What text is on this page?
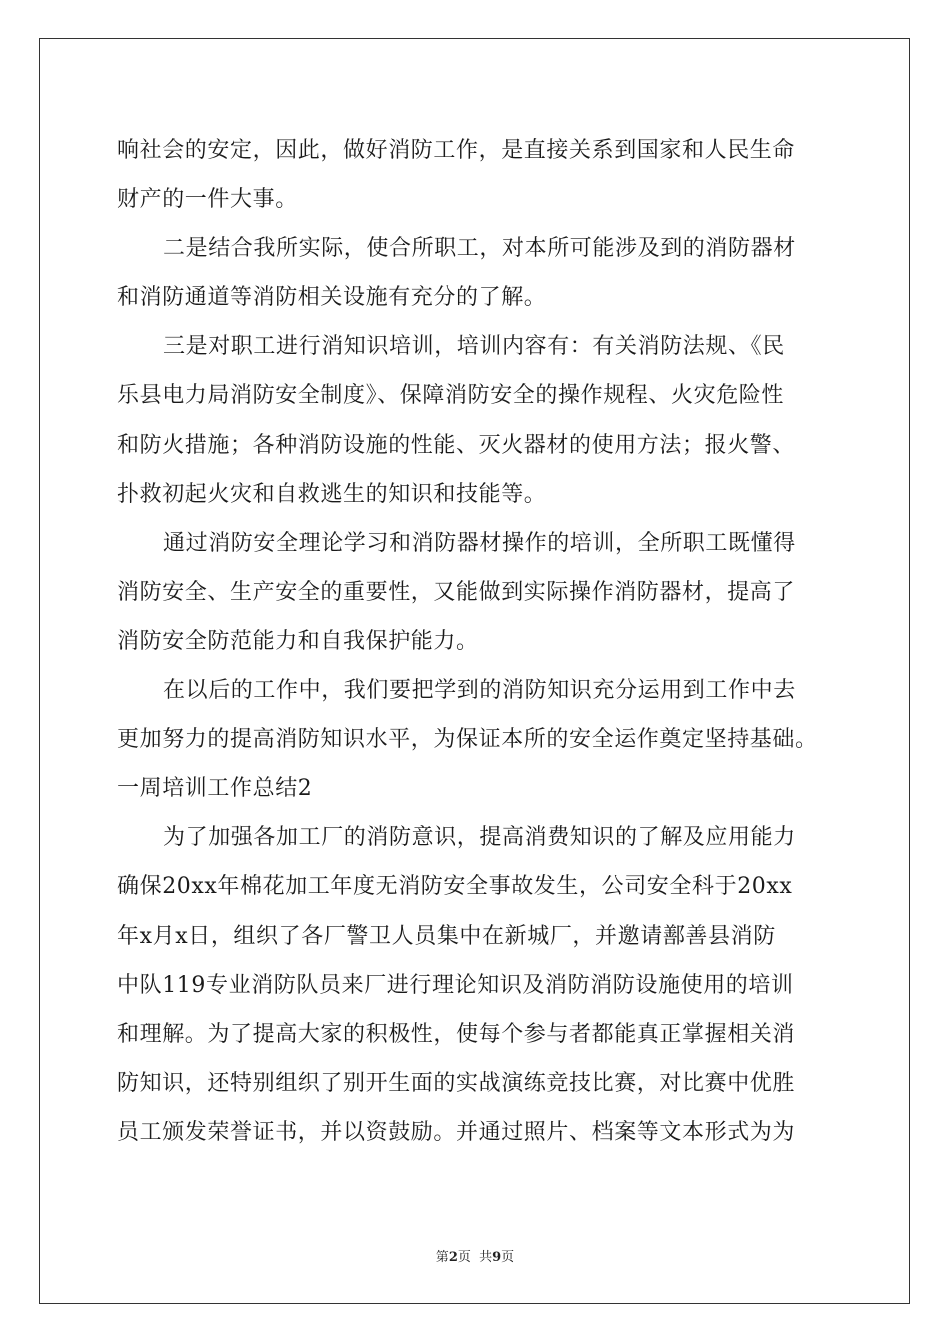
响社会的安定，因此，做好消防工作，是直接关系到国家和人民生命
财产的一件大事。
二是结合我所实际，使合所职工，对本所可能涉及到的消防器材
和消防通道等消防相关设施有充分的了解。
三是对职工进行消知识培训，培训内容有：有关消防法规、《民
乐县电力局消防安全制度》、保障消防安全的操作规程、火灾危险性
和防火措施；各种消防设施的性能、灭火器材的使用方法；报火警、
扑救初起火灾和自救逃生的知识和技能等。
通过消防安全理论学习和消防器材操作的培训，全所职工既懂得
消防安全、生产安全的重要性，又能做到实际操作消防器材，提高了
消防安全防范能力和自我保护能力。
在以后的工作中，我们要把学到的消防知识充分运用到工作中去
更加努力的提高消防知识水平，为保证本所的安全运作奠定坚持基础。
一周培训工作总结2
为了加强各加工厂的消防意识，提高消费知识的了解及应用能力
确保20xx年棉花加工年度无消防安全事故发生，公司安全科于20xx
年x月x日，组织了各厂警卫人员集中在新城厂，并邀请鄯善县消防
中队119专业消防队员来厂进行理论知识及消防消防设施使用的培训
和理解。为了提高大家的积极性，使每个参与者都能真正掌握相关消
防知识，还特别组织了别开生面的实战演练竞技比赛，对比赛中优胜
员工颁发荣誉证书，并以资鼓励。并通过照片、档案等文本形式为为
第2页  共9页
